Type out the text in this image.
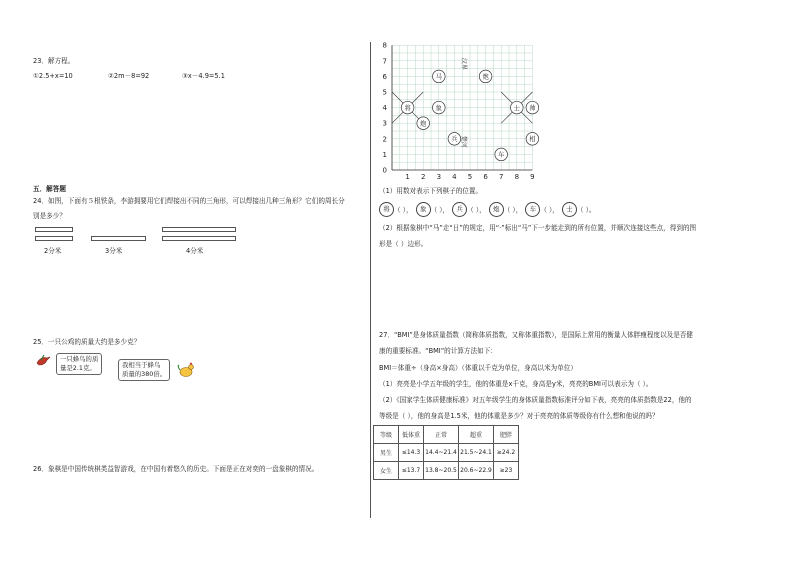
23．解方程。
①2.5+x=10	②2m－8=92	③x－4.9=5.1
五．解答题
24．如图，下面有５根铁条，李游拥要用它们焊接出不同的三角形，可以焊接出几种三角形？它们的周长分
别是多少？
2分米	3分米	4分米
25．一只公鸡的质量大约是多少克？
一只蜂鸟的质
量是2.1克。	我相当于蜂鸟
质量的380倍。
26．象棋是中国传统棋类益智游戏，在中国有着悠久的历史。下面是正在对奕的一盘象棋的情况。
楚河
汉界
0
1
2
3
4
5
6
7
8
1 2 3 4 5 6 7 8 9
马
将	象
炮
兵
炮
士 帅
相
车
（1）用数对表示下列棋子的位置。
将 （ ）， 象 （ ）， 兵 （ ）， 炮 （ ）， 车 （ ）， 士 （ ）。
（2）根据象棋中“马”走“日”的规定，用“·”标出“马”下一步能走到的所有位置，并顺次连接这些点，得到的图
形是（ ）边形。
27．“BMI”是身体质量指数（简称体质指数，又称体重指数），是国际上常用的衡量人体胖瘦程度以及是否健
康的重要标准。“BMI”的计算方法如下：
BMI＝体重÷（身高×身高）（体重以千克为单位，身高以米为单位）
（1）亮亮是小学五年级的学生，他的体重是x千克，身高是y米，亮亮的BMI可以表示为（ ）。
（2）《国家学生体质健康标准》对五年级学生的身体质量指数标准评分如下表，亮亮的体质指数是22，他的
等级是（ ），他的身高是1.5米，他的体重是多少？对于亮亮的体质等级你有什么想和他说的吗？
等级	低体重	正常	超重	肥胖
男生	≤14.3	14.4~21.4	21.5~24.1	≥24.2
女生	≤13.7	13.8~20.5	20.6~22.9	≥23
